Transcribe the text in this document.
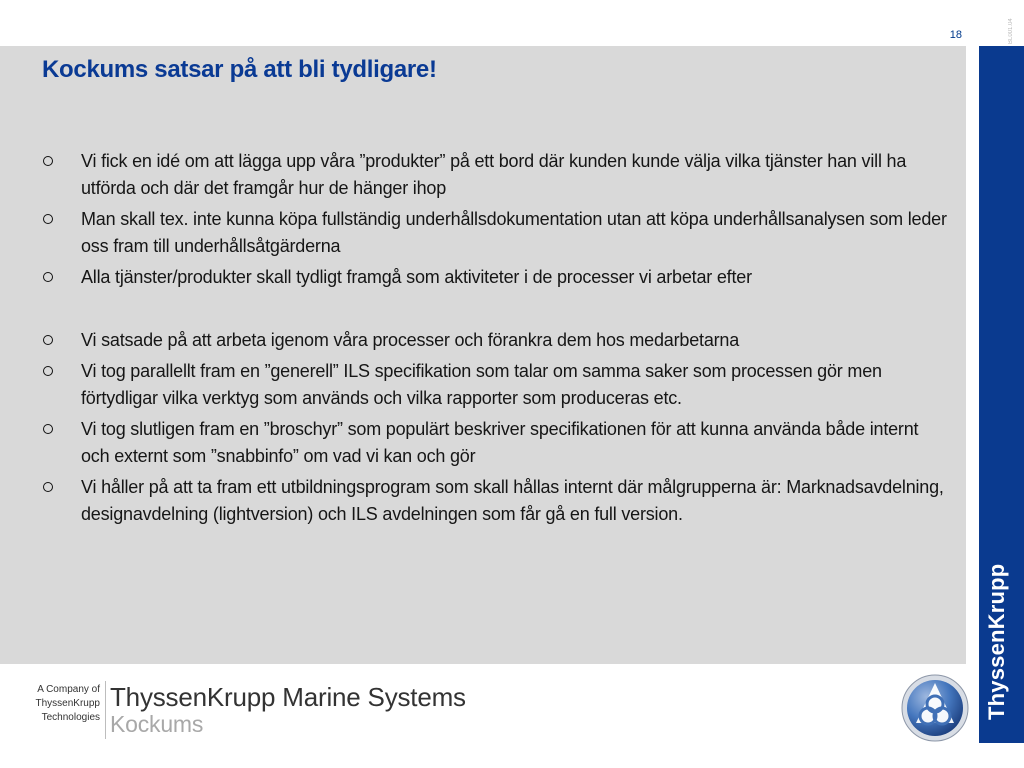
18	BL001.04
Kockums satsar på att bli tydligare!
Vi fick en idé om att lägga upp våra ”produkter” på ett bord där kunden kunde välja vilka tjänster han vill ha utförda och där det framgår hur de hänger ihop
Man skall tex. inte kunna köpa fullständig underhållsdokumentation utan att köpa underhållsanalysen som leder oss fram till underhållsåtgärderna
Alla tjänster/produkter skall tydligt framgå som aktiviteter i de processer vi arbetar efter
Vi satsade på att arbeta igenom våra processer och förankra dem hos medarbetarna
Vi tog parallellt fram en ”generell” ILS specifikation som talar om samma saker som processen gör men förtydligar vilka verktyg som används och vilka rapporter som produceras etc.
Vi tog slutligen fram en ”broschyr” som populärt beskriver specifikationen för att kunna använda både internt och externt som ”snabbinfo” om vad vi kan och gör
Vi håller på att ta fram ett utbildningsprogram som skall hållas internt där målgrupperna är: Marknadsavdelning, designavdelning (lightversion) och ILS avdelningen som får gå en full version.
ThyssenKrupp
A Company of
ThyssenKrupp
Technologies
ThyssenKrupp Marine Systems
Kockums
